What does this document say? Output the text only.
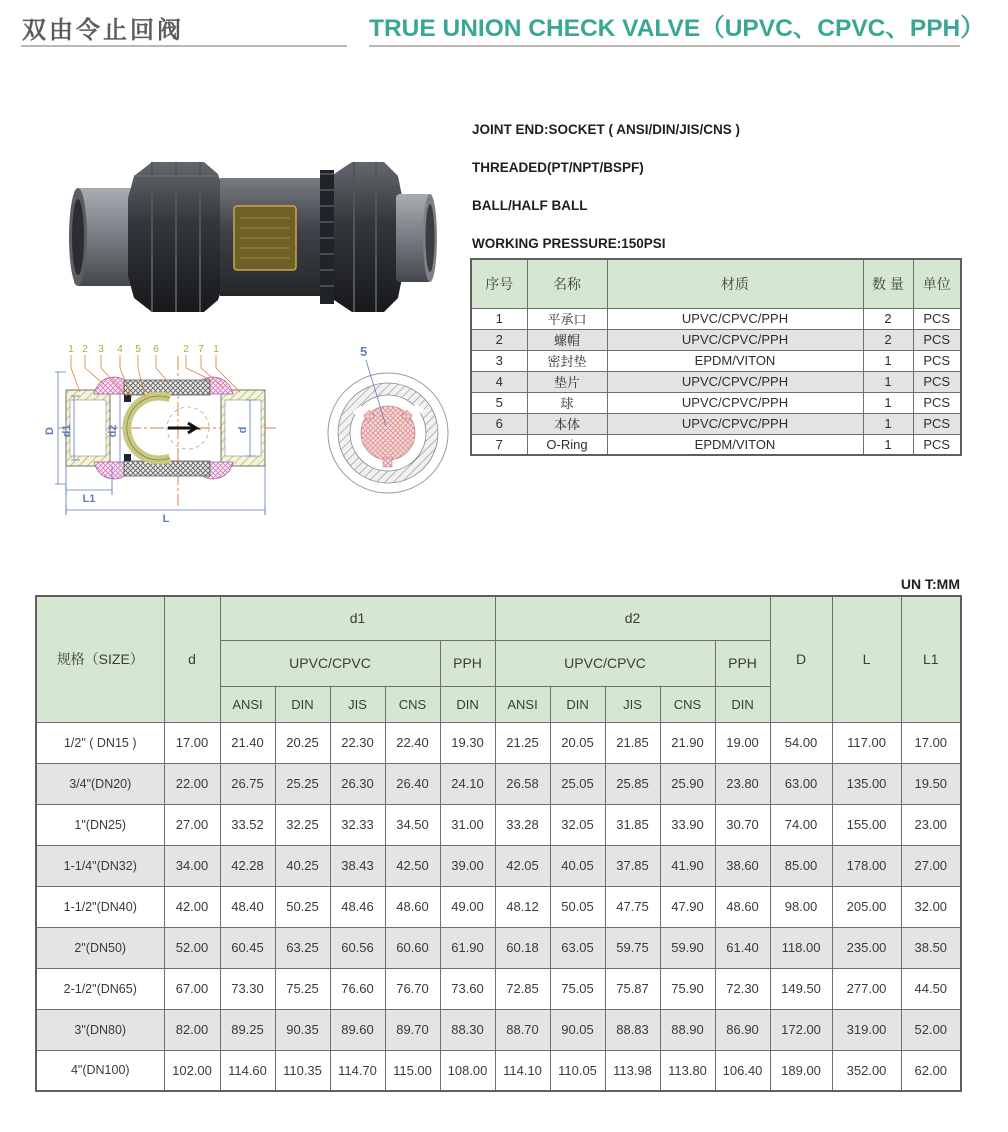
双由令止回阀	TRUE UNION CHECK VALVE（UPVC、CPVC、PPH）
JOINT END:SOCKET ( ANSI/DIN/JIS/CNS )
THREADED(PT/NPT/BSPF)
BALL/HALF BALL
WORKING PRESSURE:150PSI
序号	名称	材质	数 量	单位
1	平承口	UPVC/CPVC/PPH	2	PCS
2	螺帽	UPVC/CPVC/PPH	2	PCS
3	密封垫	EPDM/VITON	1	PCS
4	垫片	UPVC/CPVC/PPH	1	PCS
5	球	UPVC/CPVC/PPH	1	PCS
6	本体	UPVC/CPVC/PPH	1	PCS
7	O-Ring	EPDM/VITON	1	PCS
1 2 3 4 5 6 2 7 1
D d1	d2	d
L1
L
5
UN T:MM
规格（SIZE）	d	d1					d2					D	L	L1
		UPVC/CPVC				PPH	UPVC/CPVC				PPH			
		ANSI	DIN	JIS	CNS	DIN	ANSI	DIN	JIS	CNS	DIN			
1/2" ( DN15 )	17.00	21.40	20.25	22.30	22.40	19.30	21.25	20.05	21.85	21.90	19.00	54.00	117.00	17.00
3/4"(DN20)	22.00	26.75	25.25	26.30	26.40	24.10	26.58	25.05	25.85	25.90	23.80	63.00	135.00	19.50
1"(DN25)	27.00	33.52	32.25	32.33	34.50	31.00	33.28	32.05	31.85	33.90	30.70	74.00	155.00	23.00
1-1/4"(DN32)	34.00	42.28	40.25	38.43	42.50	39.00	42.05	40.05	37.85	41.90	38.60	85.00	178.00	27.00
1-1/2"(DN40)	42.00	48.40	50.25	48.46	48.60	49.00	48.12	50.05	47.75	47.90	48.60	98.00	205.00	32.00
2"(DN50)	52.00	60.45	63.25	60.56	60.60	61.90	60.18	63.05	59.75	59.90	61.40	118.00	235.00	38.50
2-1/2"(DN65)	67.00	73.30	75.25	76.60	76.70	73.60	72.85	75.05	75.87	75.90	72.30	149.50	277.00	44.50
3"(DN80)	82.00	89.25	90.35	89.60	89.70	88.30	88.70	90.05	88.83	88.90	86.90	172.00	319.00	52.00
4"(DN100)	102.00	114.60	110.35	114.70	115.00	108.00	114.10	110.05	113.98	113.80	106.40	189.00	352.00	62.00
